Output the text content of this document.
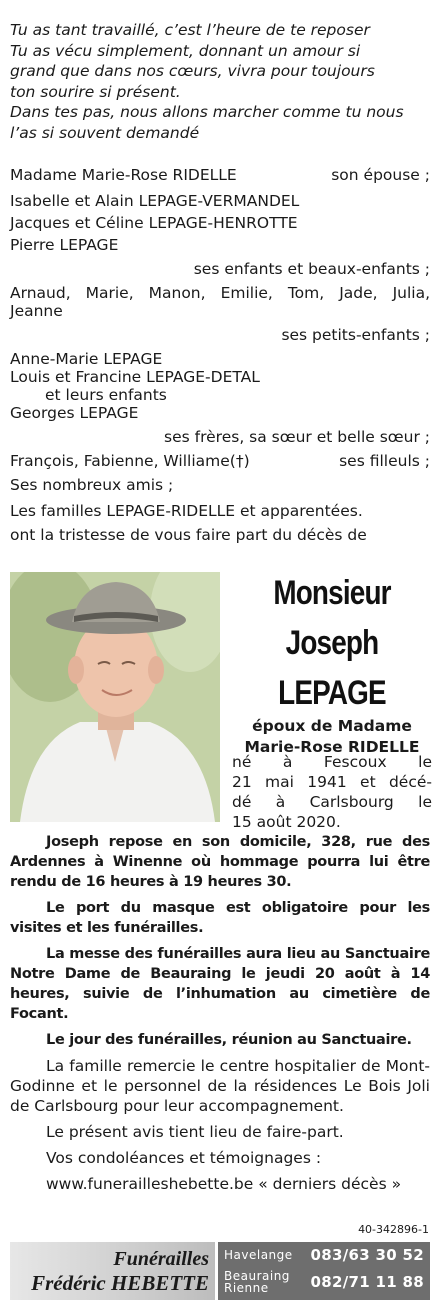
Tu as tant travaillé, c’est l’heure de te reposer
Tu as vécu simplement, donnant un amour si
grand que dans nos cœurs, vivra pour toujours
ton sourire si présent.
Dans tes pas, nous allons marcher comme tu nous
l’as si souvent demandé
Madame Marie-Rose RIDELLE	son épouse ;
Isabelle et Alain LEPAGE-VERMANDEL
Jacques et Céline LEPAGE-HENROTTE
Pierre LEPAGE
ses enfants et beaux-enfants ;
Arnaud, Marie, Manon, Emilie, Tom, Jade, Julia,
Jeanne
ses petits-enfants ;
Anne-Marie LEPAGE
Louis et Francine LEPAGE-DETAL
et leurs enfants
Georges LEPAGE
ses frères, sa sœur et belle sœur ;
François, Fabienne, Williame(†)	ses filleuls ;
Ses nombreux amis ;
Les familles LEPAGE-RIDELLE et apparentées.
ont la tristesse de vous faire part du décès de
Monsieur
Joseph
LEPAGE
époux de Madame
Marie-Rose RIDELLE
né à Fescoux le
21 mai 1941 et décé-
dé à Carlsbourg le
15 août 2020.

Joseph repose en son domicile, 328, rue des Ardennes à Winenne où hommage pourra lui être rendu de 16 heures à 19 heures 30.

Le port du masque est obligatoire pour les visites et les funérailles.

La messe des funérailles aura lieu au Sanctuaire Notre Dame de Beauraing le jeudi 20 août à 14 heures, suivie de l’inhumation au cimetière de Focant.

Le jour des funérailles, réunion au Sanctuaire.

La famille remercie le centre hospitalier de Mont-Godinne et le personnel de la résidences Le Bois Joli de Carlsbourg pour leur accompagnement.

Le présent avis tient lieu de faire-part.

Vos condoléances et témoignages :

www.funerailleshebette.be « derniers décès »

40-342896-1
Funérailles
Frédéric HEBETTE
Havelange 083/63 30 52
Beauraing
Rienne	082/71 11 88
